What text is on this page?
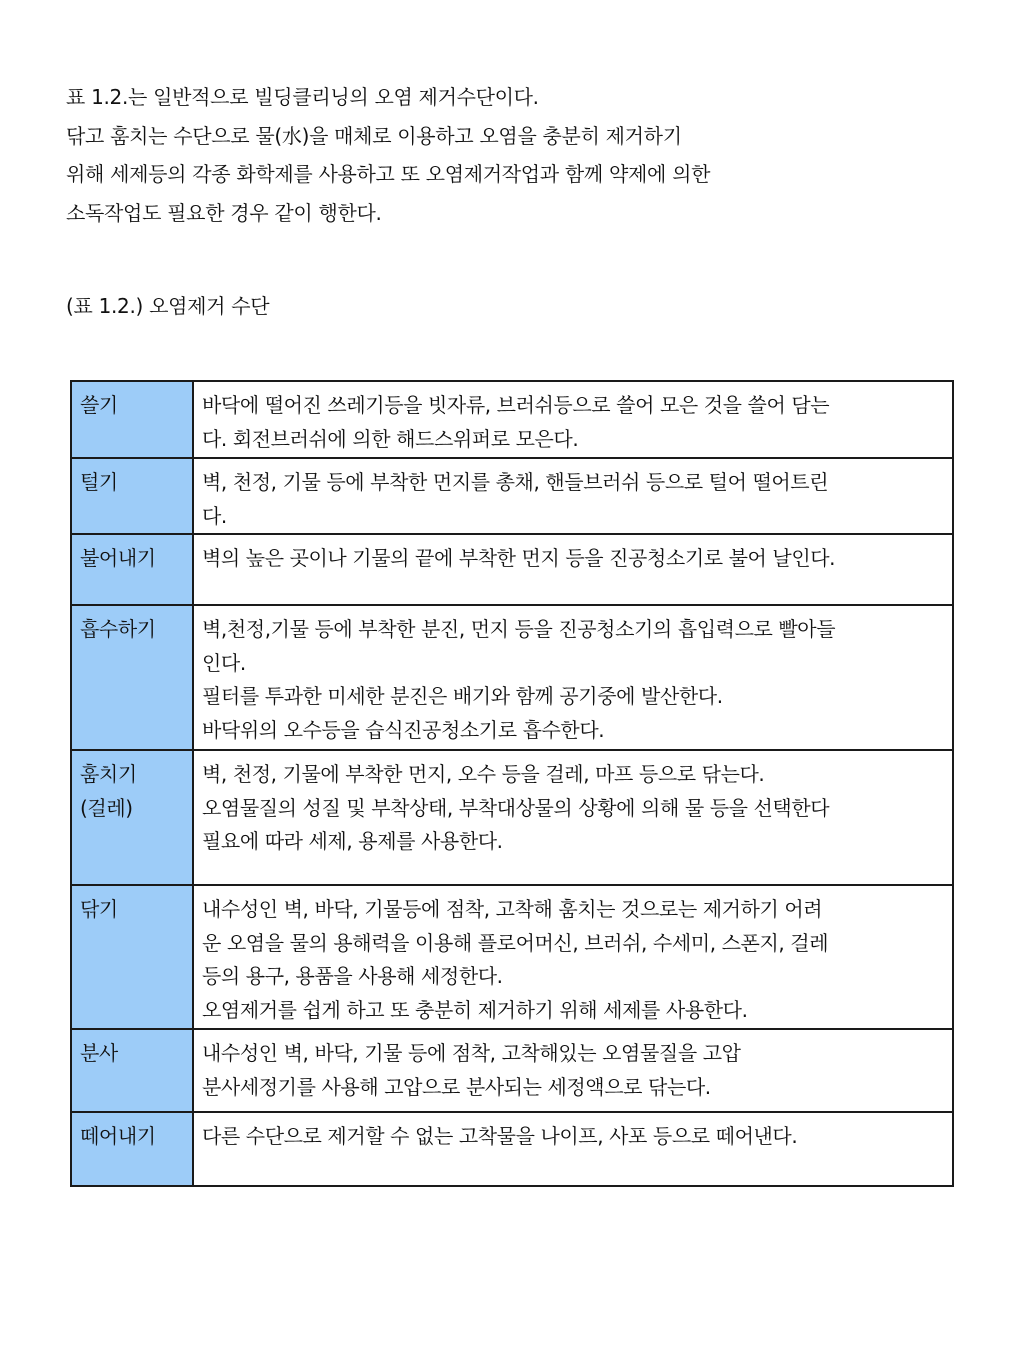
표 1.2.는 일반적으로 빌딩클리닝의 오염 제거수단이다.

닦고 훔치는 수단으로 물(水)을 매체로 이용하고 오염을 충분히 제거하기

위해 세제등의 각종 화학제를 사용하고 또 오염제거작업과 함께 약제에 의한

소독작업도 필요한 경우 같이 행한다.

(표 1.2.) 오염제거 수단
쓸기	바닥에 떨어진 쓰레기등을 빗자류, 브러쉬등으로 쓸어 모은 것을 쓸어 담는
다. 회전브러쉬에 의한 해드스위퍼로 모은다.

털기	벽, 천정, 기물 등에 부착한 먼지를 총채, 핸들브러쉬 등으로 털어 떨어트린
다.

불어내기	벽의 높은 곳이나 기물의 끝에 부착한 먼지 등을 진공청소기로 불어 날인다.

흡수하기	벽,천정,기물 등에 부착한 분진, 먼지 등을 진공청소기의 흡입력으로 빨아들
인다.
필터를 투과한 미세한 분진은 배기와 함께 공기중에 발산한다.
바닥위의 오수등을 습식진공청소기로 흡수한다.

훔치기
(걸레)	벽, 천정, 기물에 부착한 먼지, 오수 등을 걸레, 마프 등으로 닦는다.
오염물질의 성질 및 부착상태, 부착대상물의 상황에 의해 물 등을 선택한다
필요에 따라 세제, 용제를 사용한다.

닦기	내수성인 벽, 바닥, 기물등에 점착, 고착해 훔치는 것으로는 제거하기 어려
운 오염을 물의 용해력을 이용해 플로어머신, 브러쉬, 수세미, 스폰지, 걸레
등의 용구, 용품을 사용해 세정한다.
오염제거를 쉽게 하고 또 충분히 제거하기 위해 세제를 사용한다.

분사	내수성인 벽, 바닥, 기물 등에 점착, 고착해있는 오염물질을 고압
분사세정기를 사용해 고압으로 분사되는 세정액으로 닦는다.

떼어내기	다른 수단으로 제거할 수 없는 고착물을 나이프, 사포 등으로 떼어낸다.
